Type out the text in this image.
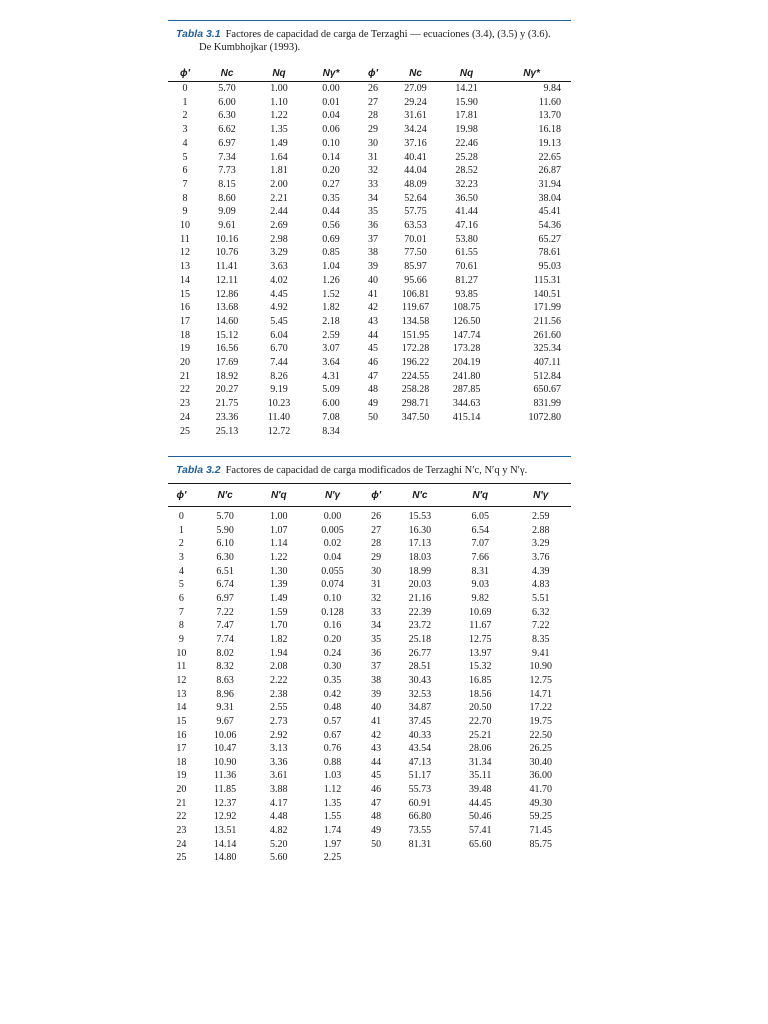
Tabla 3.1 Factores de capacidad de carga de Terzaghi — ecuaciones (3.4), (3.5) y (3.6).
De Kumbhojkar (1993).
ϕ′	Nc	Nq	Nγ*	ϕ′	Nc	Nq	Nγ*
0	5.70	1.00	0.00	26	27.09	14.21	9.84
1	6.00	1.10	0.01	27	29.24	15.90	11.60
2	6.30	1.22	0.04	28	31.61	17.81	13.70
3	6.62	1.35	0.06	29	34.24	19.98	16.18
4	6.97	1.49	0.10	30	37.16	22.46	19.13
5	7.34	1.64	0.14	31	40.41	25.28	22.65
6	7.73	1.81	0.20	32	44.04	28.52	26.87
7	8.15	2.00	0.27	33	48.09	32.23	31.94
8	8.60	2.21	0.35	34	52.64	36.50	38.04
9	9.09	2.44	0.44	35	57.75	41.44	45.41
10	9.61	2.69	0.56	36	63.53	47.16	54.36
11	10.16	2.98	0.69	37	70.01	53.80	65.27
12	10.76	3.29	0.85	38	77.50	61.55	78.61
13	11.41	3.63	1.04	39	85.97	70.61	95.03
14	12.11	4.02	1.26	40	95.66	81.27	115.31
15	12.86	4.45	1.52	41	106.81	93.85	140.51
16	13.68	4.92	1.82	42	119.67	108.75	171.99
17	14.60	5.45	2.18	43	134.58	126.50	211.56
18	15.12	6.04	2.59	44	151.95	147.74	261.60
19	16.56	6.70	3.07	45	172.28	173.28	325.34
20	17.69	7.44	3.64	46	196.22	204.19	407.11
21	18.92	8.26	4.31	47	224.55	241.80	512.84
22	20.27	9.19	5.09	48	258.28	287.85	650.67
23	21.75	10.23	6.00	49	298.71	344.63	831.99
24	23.36	11.40	7.08	50	347.50	415.14	1072.80
25	25.13	12.72	8.34				
Tabla 3.2 Factores de capacidad de carga modificados de Terzaghi N′c, N′q y N′γ.
ϕ′	N′c	N′q	N′γ	ϕ′	N′c	N′q	N′γ
0	5.70	1.00	0.00	26	15.53	6.05	2.59
1	5.90	1.07	0.005	27	16.30	6.54	2.88
2	6.10	1.14	0.02	28	17.13	7.07	3.29
3	6.30	1.22	0.04	29	18.03	7.66	3.76
4	6.51	1.30	0.055	30	18.99	8.31	4.39
5	6.74	1.39	0.074	31	20.03	9.03	4.83
6	6.97	1.49	0.10	32	21.16	9.82	5.51
7	7.22	1.59	0.128	33	22.39	10.69	6.32
8	7.47	1.70	0.16	34	23.72	11.67	7.22
9	7.74	1.82	0.20	35	25.18	12.75	8.35
10	8.02	1.94	0.24	36	26.77	13.97	9.41
11	8.32	2.08	0.30	37	28.51	15.32	10.90
12	8.63	2.22	0.35	38	30.43	16.85	12.75
13	8.96	2.38	0.42	39	32.53	18.56	14.71
14	9.31	2.55	0.48	40	34.87	20.50	17.22
15	9.67	2.73	0.57	41	37.45	22.70	19.75
16	10.06	2.92	0.67	42	40.33	25.21	22.50
17	10.47	3.13	0.76	43	43.54	28.06	26.25
18	10.90	3.36	0.88	44	47.13	31.34	30.40
19	11.36	3.61	1.03	45	51.17	35.11	36.00
20	11.85	3.88	1.12	46	55.73	39.48	41.70
21	12.37	4.17	1.35	47	60.91	44.45	49.30
22	12.92	4.48	1.55	48	66.80	50.46	59.25
23	13.51	4.82	1.74	49	73.55	57.41	71.45
24	14.14	5.20	1.97	50	81.31	65.60	85.75
25	14.80	5.60	2.25				
